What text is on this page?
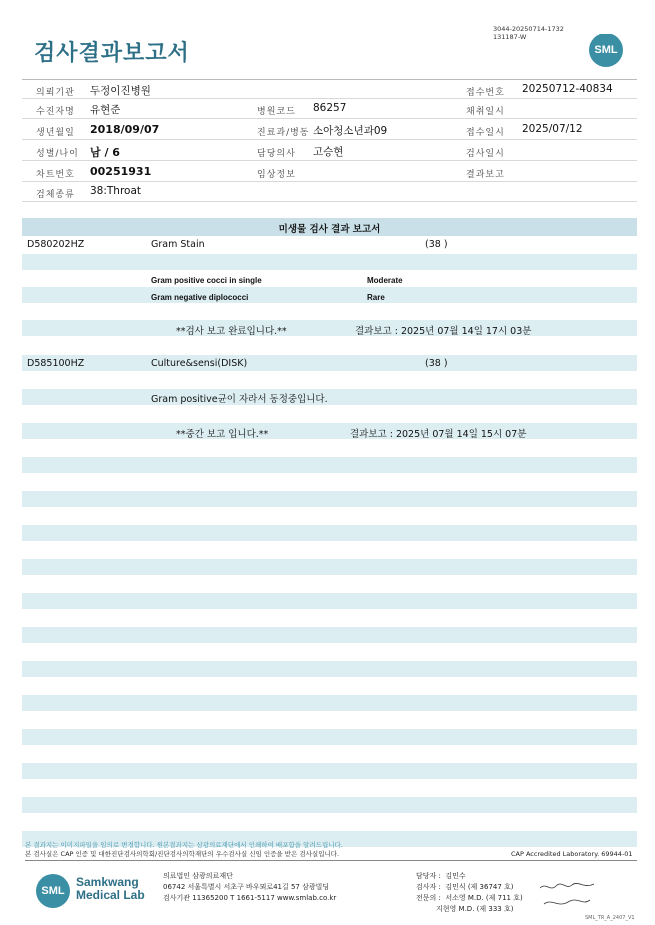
검사결과보고서
3044-20250714-1732
131187-W
SML
의뢰기관 두정이진병원	접수번호 20250712-40834
수진자명 유현준	병원코드 86257	채취일시
생년월일 2018/09/07	진료과/병동 소아청소년과09	접수일시 2025/07/12
성별/나이 남 / 6	담당의사 고승현	검사일시
차트번호 00251931	임상정보	결과보고
검체종류 38:Throat
미생물 검사 결과 보고서
D580202HZ	Gram Stain	(38 )
Gram positive cocci in single	Moderate
Gram negative diplococci	Rare
**검사 보고 완료입니다.**	결과보고 : 2025년 07월 14일 17시 03분
D585100HZ	Culture&sensi(DISK)	(38 )
Gram positive균이 자라서 동정중입니다.
**중간 보고 입니다.**	결과보고 : 2025년 07월 14일 15시 07분
본 결과지는 이미지파일을 임의로 변경합니다. 원본결과지는 삼광의료재단에서 인쇄하여 배포함을 알려드립니다.
본 검사실은 CAP 인증 및 대한진단검사의학회/진단검사의학재단의 우수검사실 신임 인증을 받은 검사실입니다.	CAP Accredited Laboratory. 69944-01
SML
Samkwang
Medical Lab
의료법인 삼광의료재단
06742 서울특별시 서초구 바우뫼로41길 57 삼광빌딩
검사기관 11365200 T 1661-5117 www.smlab.co.kr
담당자 :  김민수
검사자 :  김민식 (제 36747 호)
전문의 :  서소영 M.D. (제 711 호)
지현영 M.D. (제 333 호)
SML_TR_A_2407_V1
